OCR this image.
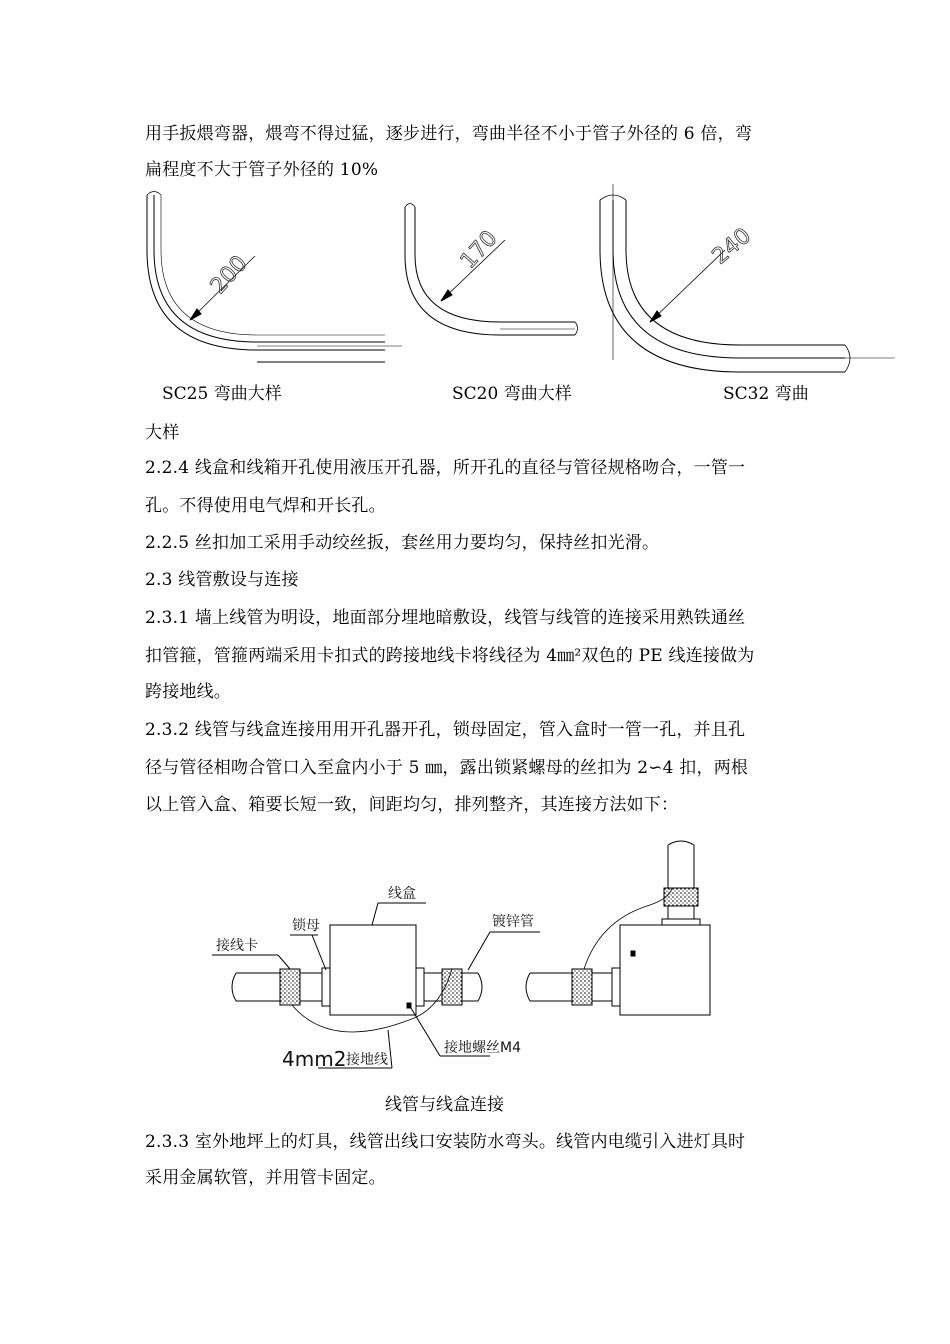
用手扳煨弯器，煨弯不得过猛，逐步进行，弯曲半径不小于管子外径的 6 倍，弯
扁程度不大于管子外径的 10%
200
170	240
SC25 弯曲大样	SC20 弯曲大样	SC32 弯曲
大样
2.2.4 线盒和线箱开孔使用液压开孔器，所开孔的直径与管径规格吻合，一管一
孔。不得使用电气焊和开长孔。
2.2.5 丝扣加工采用手动绞丝扳，套丝用力要均匀，保持丝扣光滑。
2.3 线管敷设与连接
2.3.1 墙上线管为明设，地面部分埋地暗敷设，线管与线管的连接采用熟铁通丝
扣管箍，管箍两端采用卡扣式的跨接地线卡将线径为 4㎜²双色的 PE 线连接做为
跨接地线。
2.3.2 线管与线盒连接用用开孔器开孔，锁母固定，管入盒时一管一孔，并且孔
径与管径相吻合管口入至盒内小于 5 ㎜，露出锁紧螺母的丝扣为 2∽4 扣，两根
以上管入盒、箱要长短一致，间距均匀，排列整齐，其连接方法如下：
线盒
镀锌管
接线卡
锁母
4mm2 接地线
接地螺丝M4
线管与线盒连接
2.3.3 室外地坪上的灯具，线管出线口安装防水弯头。线管内电缆引入进灯具时
采用金属软管，并用管卡固定。
